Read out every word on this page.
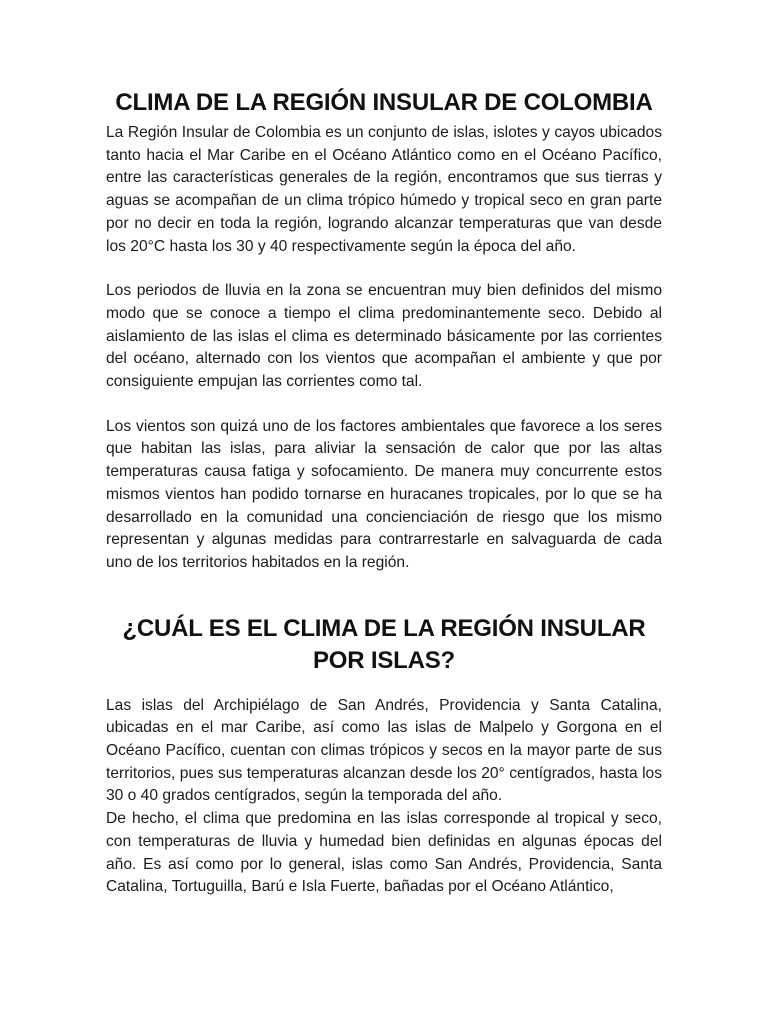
CLIMA DE LA REGIÓN INSULAR DE COLOMBIA

La Región Insular de Colombia es un conjunto de islas, islotes y cayos ubicados tanto hacia el Mar Caribe en el Océano Atlántico como en el Océano Pacífico, entre las características generales de la región, encontramos que sus tierras y aguas se acompañan de un clima trópico húmedo y tropical seco en gran parte por no decir en toda la región, logrando alcanzar temperaturas que van desde los 20°C hasta los 30 y 40 respectivamente según la época del año.

Los periodos de lluvia en la zona se encuentran muy bien definidos del mismo modo que se conoce a tiempo el clima predominantemente seco. Debido al aislamiento de las islas el clima es determinado básicamente por las corrientes del océano, alternado con los vientos que acompañan el ambiente y que por consiguiente empujan las corrientes como tal.

Los vientos son quizá uno de los factores ambientales que favorece a los seres que habitan las islas, para aliviar la sensación de calor que por las altas temperaturas causa fatiga y sofocamiento. De manera muy concurrente estos mismos vientos han podido tornarse en huracanes tropicales, por lo que se ha desarrollado en la comunidad una concienciación de riesgo que los mismo representan y algunas medidas para contrarrestarle en salvaguarda de cada uno de los territorios habitados en la región.

¿CUÁL ES EL CLIMA DE LA REGIÓN INSULAR POR ISLAS?

Las islas del Archipiélago de San Andrés, Providencia y Santa Catalina, ubicadas en el mar Caribe, así como las islas de Malpelo y Gorgona en el Océano Pacífico, cuentan con climas trópicos y secos en la mayor parte de sus territorios, pues sus temperaturas alcanzan desde los 20° centígrados, hasta los 30 o 40 grados centígrados, según la temporada del año.

De hecho, el clima que predomina en las islas corresponde al tropical y seco, con temperaturas de lluvia y humedad bien definidas en algunas épocas del año. Es así como por lo general, islas como San Andrés, Providencia, Santa Catalina, Tortuguilla, Barú e Isla Fuerte, bañadas por el Océano Atlántico,
